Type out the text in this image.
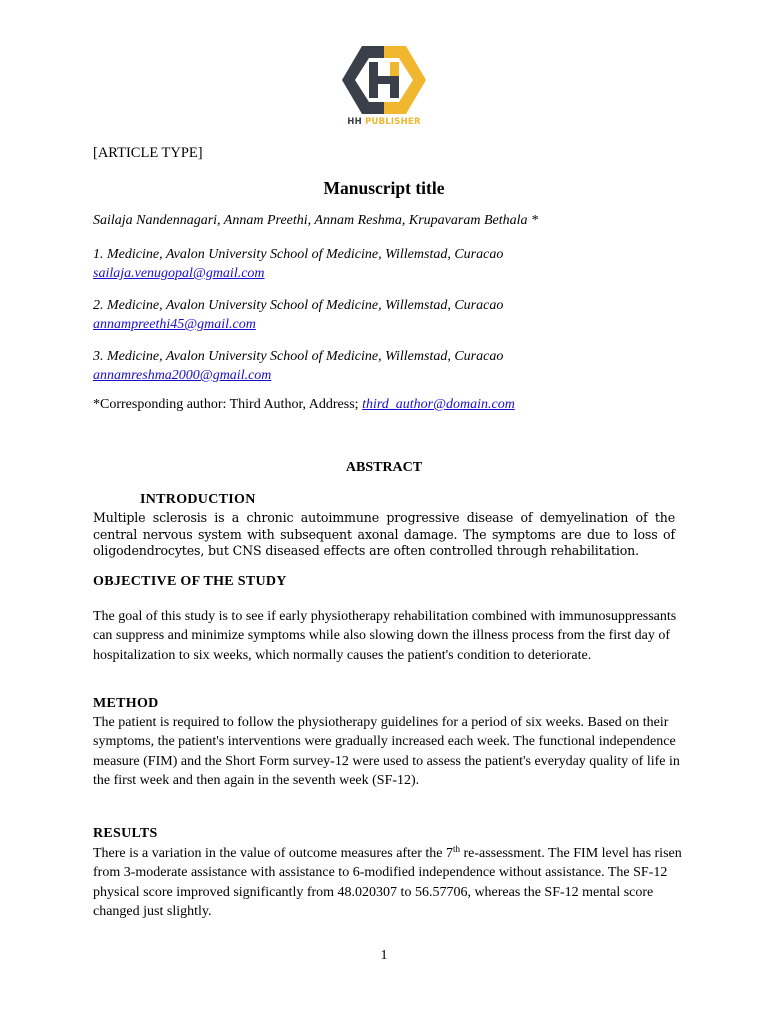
HH PUBLISHER
[ARTICLE TYPE]
Manuscript title
Sailaja Nandennagari, Annam Preethi, Annam Reshma, Krupavaram Bethala *
1. Medicine, Avalon University School of Medicine, Willemstad, Curacao
sailaja.venugopal@gmail.com
2. Medicine, Avalon University School of Medicine, Willemstad, Curacao
annampreethi45@gmail.com
3. Medicine, Avalon University School of Medicine, Willemstad, Curacao
annamreshma2000@gmail.com
*Corresponding author: Third Author, Address; third_author@domain.com
ABSTRACT
INTRODUCTION
Multiple sclerosis is a chronic autoimmune progressive disease of demyelination of the central nervous system with subsequent axonal damage. The symptoms are due to loss of oligodendrocytes, but CNS diseased effects are often controlled through rehabilitation.
OBJECTIVE OF THE STUDY
The goal of this study is to see if early physiotherapy rehabilitation combined with immunosuppressants can suppress and minimize symptoms while also slowing down the illness process from the first day of hospitalization to six weeks, which normally causes the patient's condition to deteriorate.
METHOD
The patient is required to follow the physiotherapy guidelines for a period of six weeks. Based on their symptoms, the patient's interventions were gradually increased each week. The functional independence measure (FIM) and the Short Form survey-12 were used to assess the patient's everyday quality of life in the first week and then again in the seventh week (SF-12).
RESULTS
There is a variation in the value of outcome measures after the 7th re-assessment. The FIM level has risen from 3-moderate assistance with assistance to 6-modified independence without assistance. The SF-12 physical score improved significantly from 48.020307 to 56.57706, whereas the SF-12 mental score changed just slightly.
1
